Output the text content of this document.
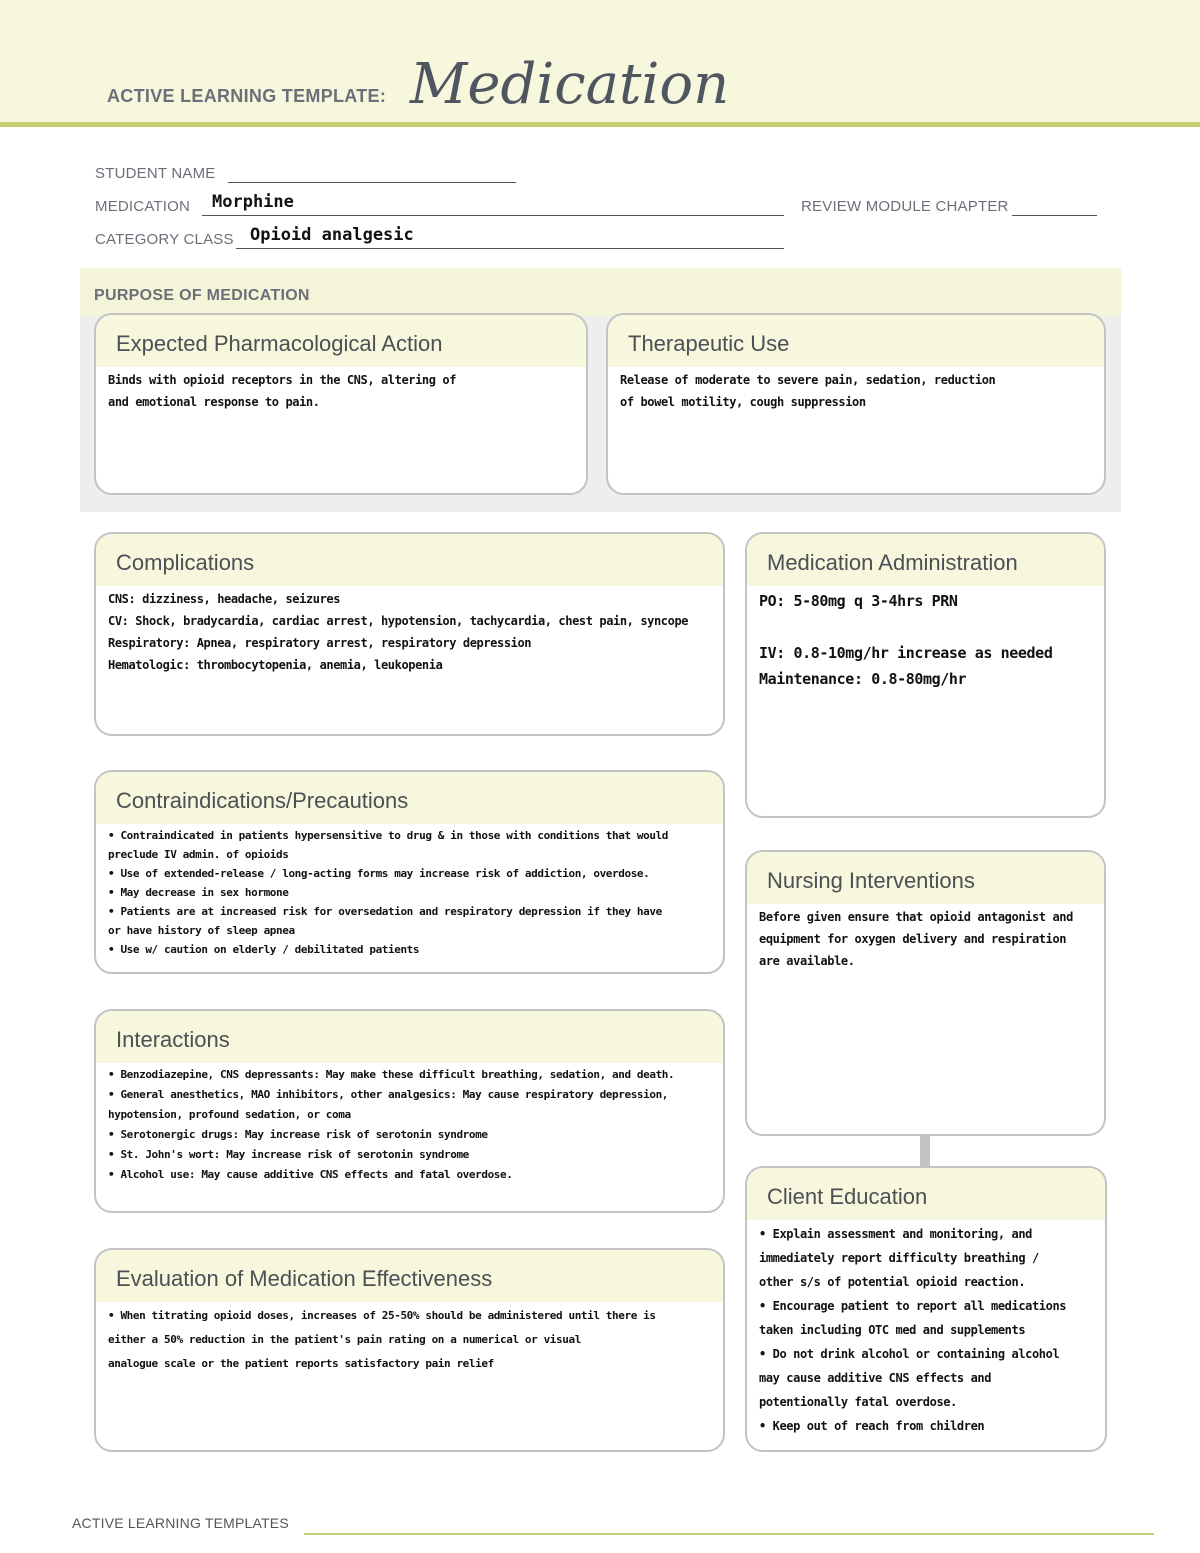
ACTIVE LEARNING TEMPLATE: Medication
STUDENT NAME
MEDICATION Morphine	REVIEW MODULE CHAPTER
CATEGORY CLASS Opioid analgesic
PURPOSE OF MEDICATION
Expected Pharmacological Action
Binds with opioid receptors in the CNS, altering of
and emotional response to pain.
Therapeutic Use
Release of moderate to severe pain, sedation, reduction
of bowel motility, cough suppression
Complications
CNS: dizziness, headache, seizures
CV: Shock, bradycardia, cardiac arrest, hypotension, tachycardia, chest pain, syncope
Respiratory: Apnea, respiratory arrest, respiratory depression
Hematologic: thrombocytopenia, anemia, leukopenia
Medication Administration
PO: 5-80mg q 3-4hrs PRN

IV: 0.8-10mg/hr increase as needed
Maintenance: 0.8-80mg/hr
Contraindications/Precautions
• Contraindicated in patients hypersensitive to drug & in those with conditions that would
preclude IV admin. of opioids
• Use of extended-release / long-acting forms may increase risk of addiction, overdose.
• May decrease in sex hormone
• Patients are at increased risk for oversedation and respiratory depression if they have
or have history of sleep apnea
• Use w/ caution on elderly / debilitated patients
Nursing Interventions
Before given ensure that opioid antagonist and
equipment for oxygen delivery and respiration
are available.
Interactions
• Benzodiazepine, CNS depressants: May make these difficult breathing, sedation, and death.
• General anesthetics, MAO inhibitors, other analgesics: May cause respiratory depression,
hypotension, profound sedation, or coma
• Serotonergic drugs: May increase risk of serotonin syndrome
• St. John's wort: May increase risk of serotonin syndrome
• Alcohol use: May cause additive CNS effects and fatal overdose.
Client Education
• Explain assessment and monitoring, and
immediately report difficulty breathing /
other s/s of potential opioid reaction.
• Encourage patient to report all medications
taken including OTC med and supplements
• Do not drink alcohol or containing alcohol
may cause additive CNS effects and
potentionally fatal overdose.
• Keep out of reach from children
Evaluation of Medication Effectiveness
• When titrating opioid doses, increases of 25-50% should be administered until there is
either a 50% reduction in the patient's pain rating on a numerical or visual
analogue scale or the patient reports satisfactory pain relief
ACTIVE LEARNING TEMPLATES
